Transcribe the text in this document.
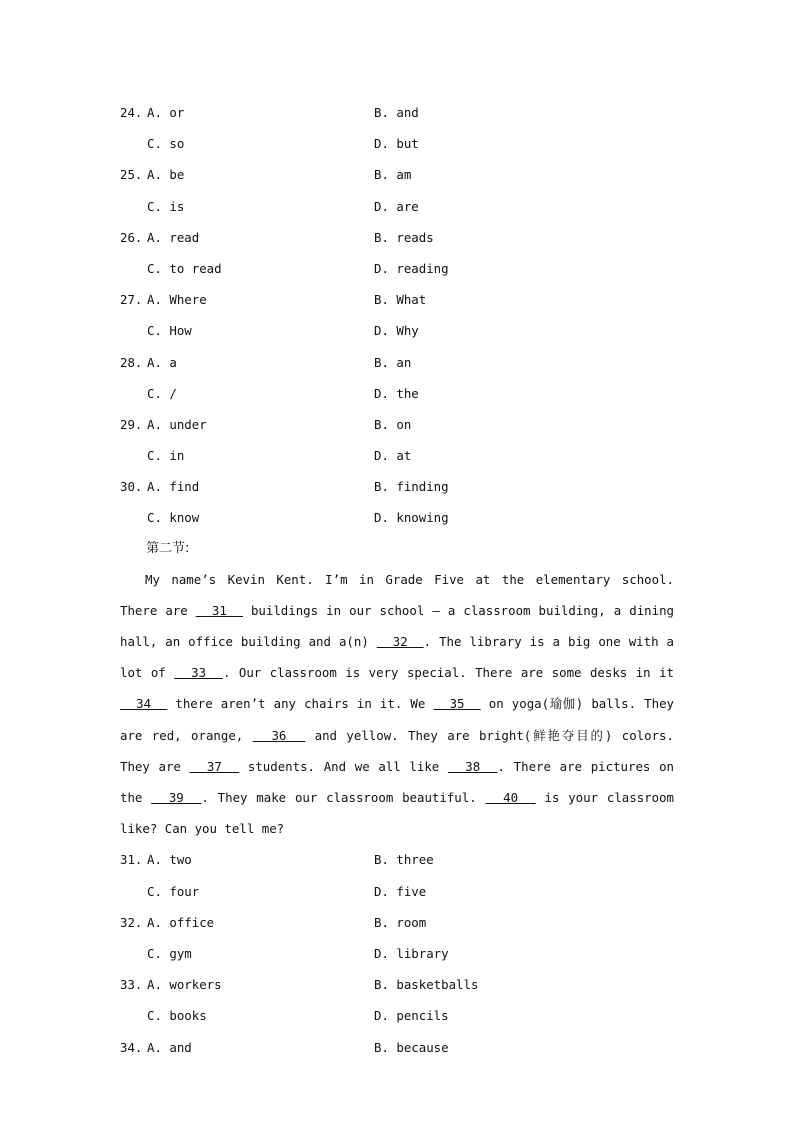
24. A. or	B. and
C. so	D. but
25. A. be	B. am
C. is	D. are
26. A. read	B. reads
C. to read	D. reading
27. A. Where	B. What
C. How	D. Why
28. A. a	B. an
C. /	D. the
29. A. under	B. on
C. in	D. at
30. A. find	B. finding
C. know	D. knowing
第二节:

My name’s Kevin Kent. I’m in Grade Five at the elementary school. There are   31   buildings in our school — a classroom building, a dining hall, an office building and a(n)   32  . The library is a big one with a lot of   33  . Our classroom is very special. There are some desks in it   34   there aren’t any chairs in it. We   35   on yoga(瑜伽) balls. They are red, orange,   36   and yellow. They are bright(鲜艳夺目的) colors. They are   37   students. And we all like   38  . There are pictures on the   39  . They make our classroom beautiful.   40   is your classroom like? Can you tell me?

31. A. two	B. three
C. four	D. five
32. A. office	B. room
C. gym	D. library
33. A. workers	B. basketballs
C. books	D. pencils
34. A. and	B. because
